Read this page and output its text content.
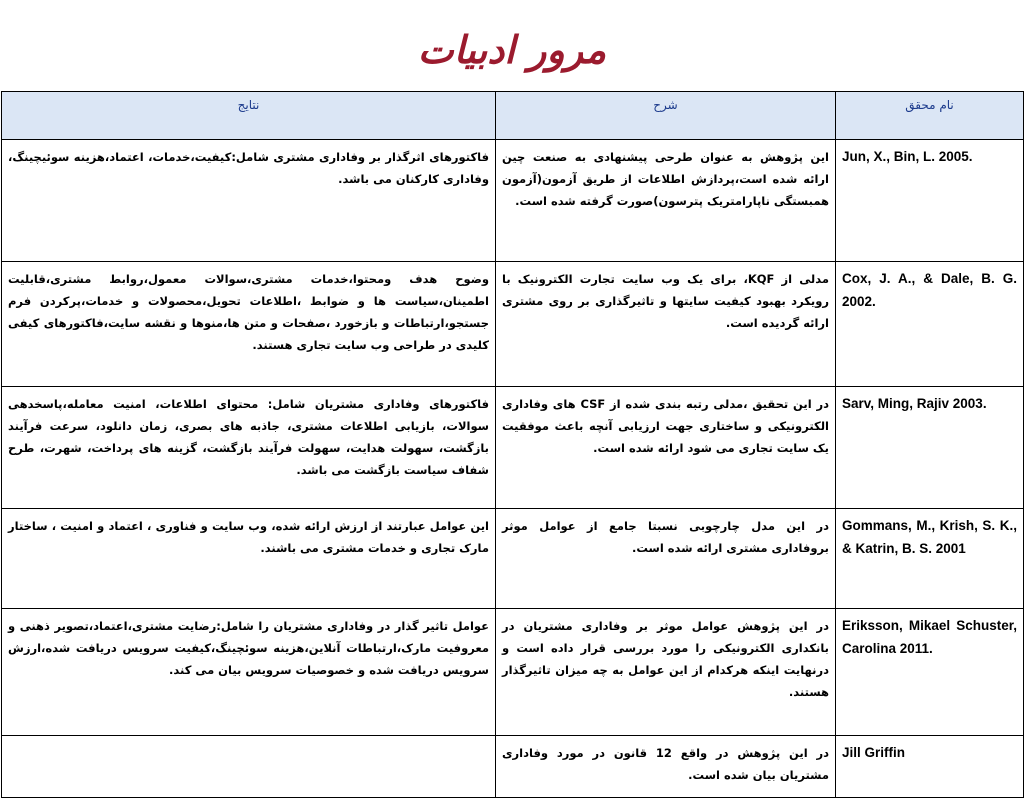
مرور ادبیات
نام محقق	شرح	نتایج
Jun, X., Bin, L. 2005.	این پژوهش به عنوان طرحی پیشنهادی به صنعت چین ارائه شده است،پردازش اطلاعات از طریق آزمون(آزمون همبستگی ناپارامتریک پترسون)صورت گرفته شده است.	فاکتورهای اثرگذار بر وفاداری مشتری شامل:کیفیت،خدمات، اعتماد،هزینه سوئیچینگ، وفاداری کارکنان می باشد.
Cox, J. A., & Dale, B. G. 2002.	مدلی از KQF، برای یک وب سایت تجارت الکترونیک با رویکرد بهبود کیفیت سایتها و تاثیرگذاری بر روی مشتری ارائه گردیده است.	وضوح هدف ومحتوا،خدمات مشتری،سوالات معمول،روابط مشتری،قابلیت اطمینان،سیاست ها و ضوابط ،اطلاعات تحویل،محصولات و خدمات،پرکردن فرم جستجو،ارتباطات و بازخورد ،صفحات و متن ها،منوها و نقشه سایت،فاکتورهای کیفی کلیدی در طراحی وب سایت تجاری هستند.
Sarv, Ming, Rajiv 2003.	در این تحقیق ،مدلی رتبه بندی شده از CSF های وفاداری الکترونیکی و ساختاری جهت ارزیابی آنچه باعث موفقیت یک سایت تجاری می شود ارائه شده است.	فاکتورهای وفاداری مشتریان شامل: محتوای اطلاعات، امنیت معامله،پاسخدهی سوالات، بازیابی اطلاعات مشتری، جاذبه های بصری، زمان دانلود، سرعت فرآیند بازگشت، سهولت هدایت، سهولت فرآیند بازگشت، گزینه های پرداخت، شهرت، طرح شفاف سیاست بازگشت می باشد.
Gommans, M., Krish, S. K., & Katrin, B. S. 2001	در این مدل چارچوبی نسبتا جامع از عوامل موثر بروفاداری مشتری ارائه شده است.	این عوامل عبارتند از ارزش ارائه شده، وب سایت و فناوری ، اعتماد و امنیت ، ساختار مارک تجاری و خدمات مشتری می باشند.
Eriksson, Mikael Schuster, Carolina 2011.	در این پژوهش عوامل موثر بر وفاداری مشتریان در بانکداری الکترونیکی را مورد بررسی قرار داده است و درنهایت اینکه هرکدام از این عوامل به چه میزان تاثیرگذار هستند.	عوامل تاثیر گذار در وفاداری مشتریان را شامل:رضایت مشتری،اعتماد،تصویر ذهنی و معروفیت مارک،ارتباطات آنلاین،هزینه سوئچینگ،کیفیت سرویس دریافت شده،ارزش سرویس دریافت شده و خصوصیات سرویس بیان می کند.
Jill Griffin	در این پژوهش در واقع 12 قانون در مورد وفاداری مشتریان بیان شده است.	
